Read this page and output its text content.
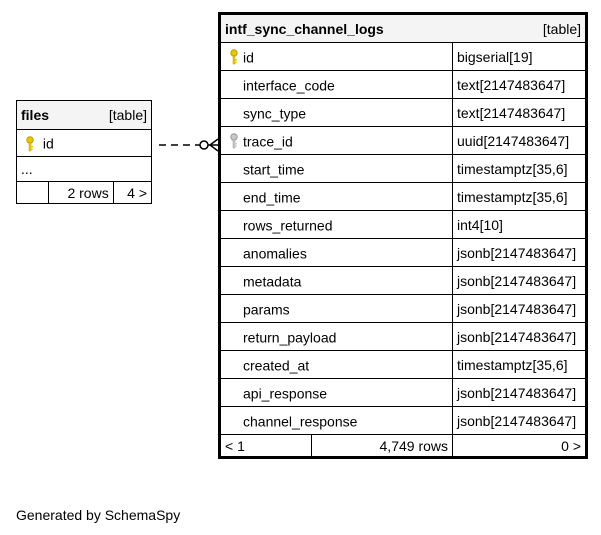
files	[table]

id
...
	2 rows	4 >
intf_sync_channel_logs [table]		

id		bigserial[19]
interface_code		text[2147483647]
sync_type		text[2147483647]

trace_id		uuid[2147483647]
start_time		timestamptz[35,6]
end_time		timestamptz[35,6]
rows_returned		int4[10]
anomalies		jsonb[2147483647]
metadata		jsonb[2147483647]
params		jsonb[2147483647]
return_payload		jsonb[2147483647]
created_at		timestamptz[35,6]
api_response		jsonb[2147483647]
channel_response		jsonb[2147483647]
< 1	4,749 rows	0 >
Generated by SchemaSpy
